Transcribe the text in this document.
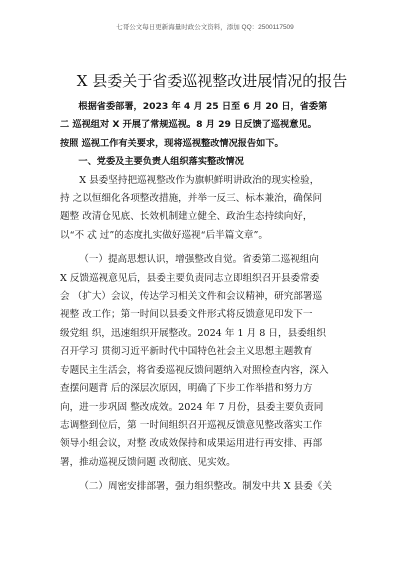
七哥公文每日更新海量时政公文资料，添加 QQ：2500117509
X 县委关于省委巡视整改进展情况的报告

根据省委部署，2023 年 4 月 25 日至 6 月 20 日，省委第

二 巡视组对 X 开展了常规巡视。8 月 29 日反馈了巡视意见。

按照 巡视工作有关要求，现将巡视整改情况报告如下。

一、党委及主要负责人组织落实整改情况

X 县委坚持把巡视整改作为旗帜鲜明讲政治的现实检验，

持 之以恒细化各项整改措施，并举一反三、标本兼治，确保问

题整 改清仓见底、长效机制建立健全、政治生态持续向好，

以“不 忒 过”的态度扎实做好巡视“后半篇文章”。

（一）提高思想认识，增强整改自觉。省委第二巡视组向

X 反馈巡视意见后，县委主要负责同志立即组织召开县委常委

会 （扩大）会议，传达学习相关文件和会议精神，研究部署巡

视整 改工作；第一时间以县委文件形式将反馈意见印发下一

级党组 织，迅速组织开展整改。2024 年 1 月 8 日，县委组织

召开学习 贯彻习近平新时代中国特色社会主义思想主题教育

专题民主生活会，将省委巡视反馈问题纳入对照检查内容，深入

查摆问题背 后的深层次原因，明确了下步工作举措和努力方

向，进一步巩固 整改成效。2024 年 7 月份，县委主要负责同

志调整到位后，第 一时间组织召开巡视反馈意见整改落实工作

领导小组会议，对整 改成效保持和成果运用进行再安排、再部

署，推动巡视反馈问题 改彻底、见实效。

（二）周密安排部署，强力组织整改。制发中共 X 县委《关
